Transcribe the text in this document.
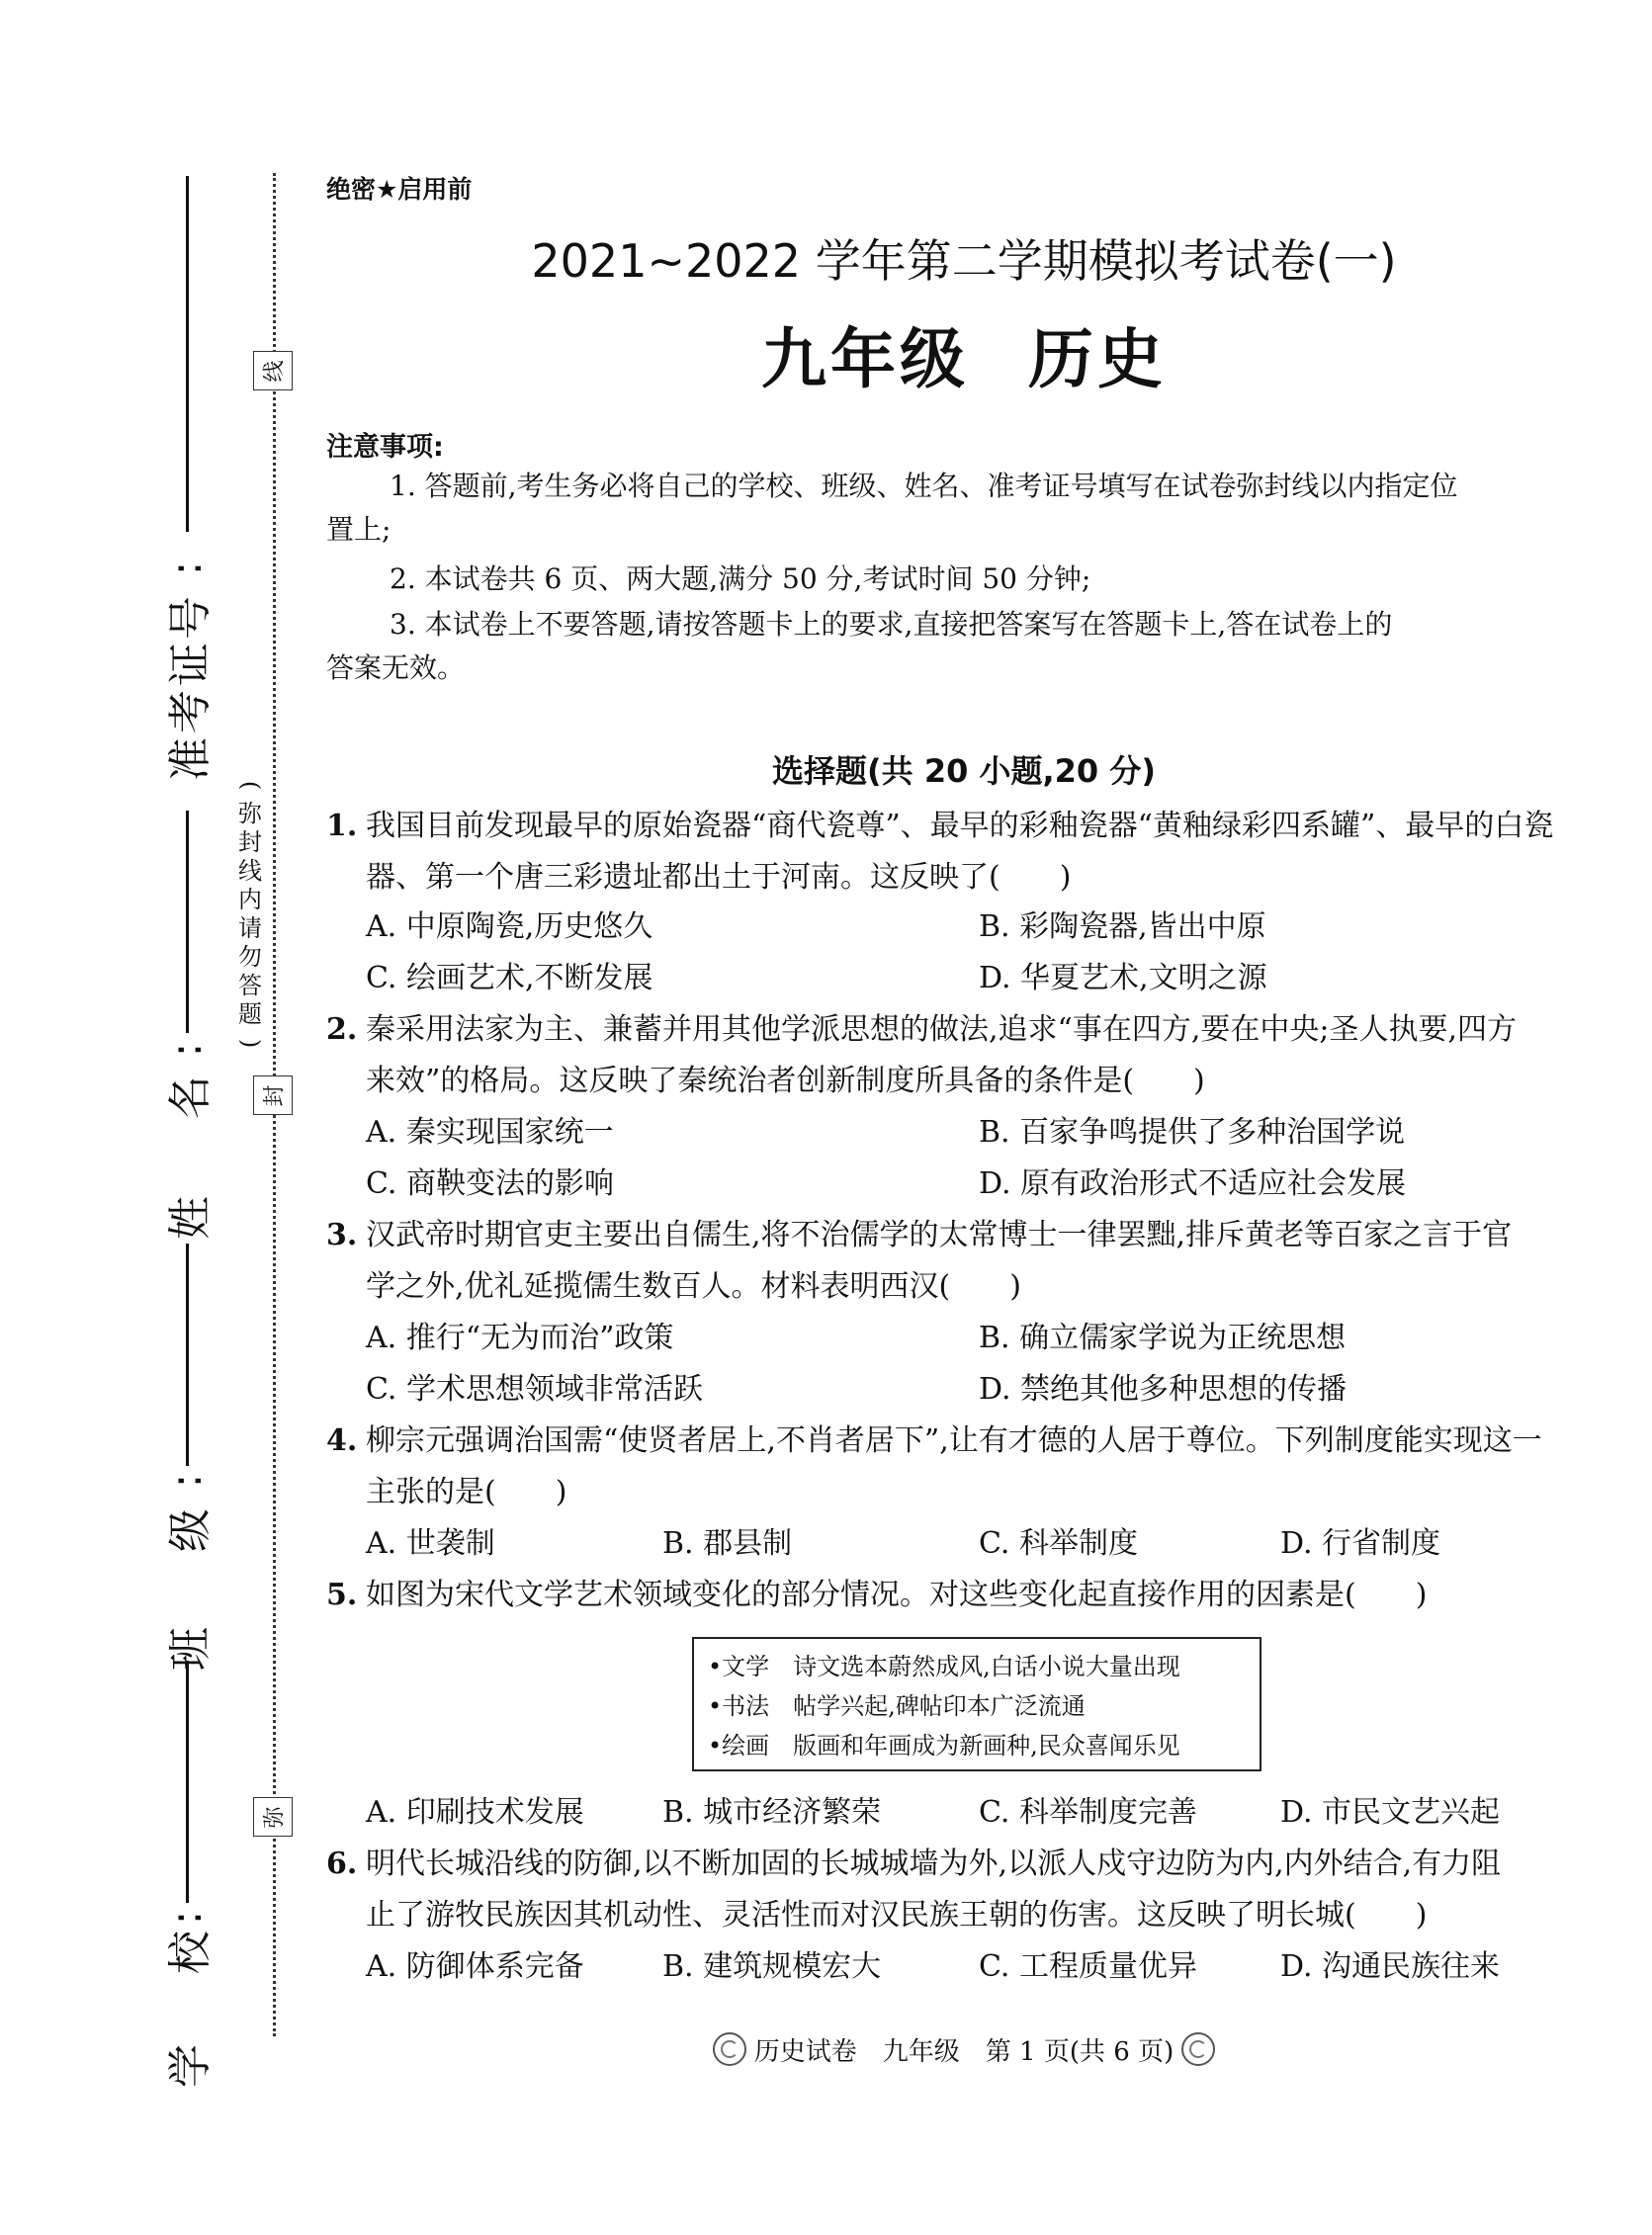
:
号
证
考
准
:
名
姓
:
级
班
:
校
学
线
封
弥
(
弥
封
线
内
请
勿
答
题

)
绝密★启用前
2021~2022 学年第二学期模拟考试卷(一)
九年级 历史
注意事项:
1. 答题前,考生务必将自己的学校、班级、姓名、准考证号填写在试卷弥封线以内指定位
置上;
2. 本试卷共 6 页、两大题,满分 50 分,考试时间 50 分钟;
3. 本试卷上不要答题,请按答题卡上的要求,直接把答案写在答题卡上,答在试卷上的
答案无效。
选择题(共 20 小题,20 分)
1. 我国目前发现最早的原始瓷器“商代瓷尊”、最早的彩釉瓷器“黄釉绿彩四系罐”、最早的白瓷
器、第一个唐三彩遗址都出土于河南。这反映了(　　)
A. 中原陶瓷,历史悠久	B. 彩陶瓷器,皆出中原
C. 绘画艺术,不断发展	D. 华夏艺术,文明之源
2. 秦采用法家为主、兼蓄并用其他学派思想的做法,追求“事在四方,要在中央;圣人执要,四方
来效”的格局。这反映了秦统治者创新制度所具备的条件是(　　)
A. 秦实现国家统一	B. 百家争鸣提供了多种治国学说
C. 商鞅变法的影响	D. 原有政治形式不适应社会发展
3. 汉武帝时期官吏主要出自儒生,将不治儒学的太常博士一律罢黜,排斥黄老等百家之言于官
学之外,优礼延揽儒生数百人。材料表明西汉(　　)
A. 推行“无为而治”政策	B. 确立儒家学说为正统思想
C. 学术思想领域非常活跃	D. 禁绝其他多种思想的传播
4. 柳宗元强调治国需“使贤者居上,不肖者居下”,让有才德的人居于尊位。下列制度能实现这一
主张的是(　　)
A. 世袭制	B. 郡县制	C. 科举制度	D. 行省制度
5. 如图为宋代文学艺术领域变化的部分情况。对这些变化起直接作用的因素是(　　)
•文学　诗文选本蔚然成风,白话小说大量出现
•书法　帖学兴起,碑帖印本广泛流通
•绘画　版画和年画成为新画种,民众喜闻乐见
A. 印刷技术发展	B. 城市经济繁荣	C. 科举制度完善	D. 市民文艺兴起
6. 明代长城沿线的防御,以不断加固的长城城墙为外,以派人戍守边防为内,内外结合,有力阻
止了游牧民族因其机动性、灵活性而对汉民族王朝的伤害。这反映了明长城(　　)
A. 防御体系完备	B. 建筑规模宏大	C. 工程质量优异	D. 沟通民族往来
历史试卷　九年级　第 1 页(共 6 页)
